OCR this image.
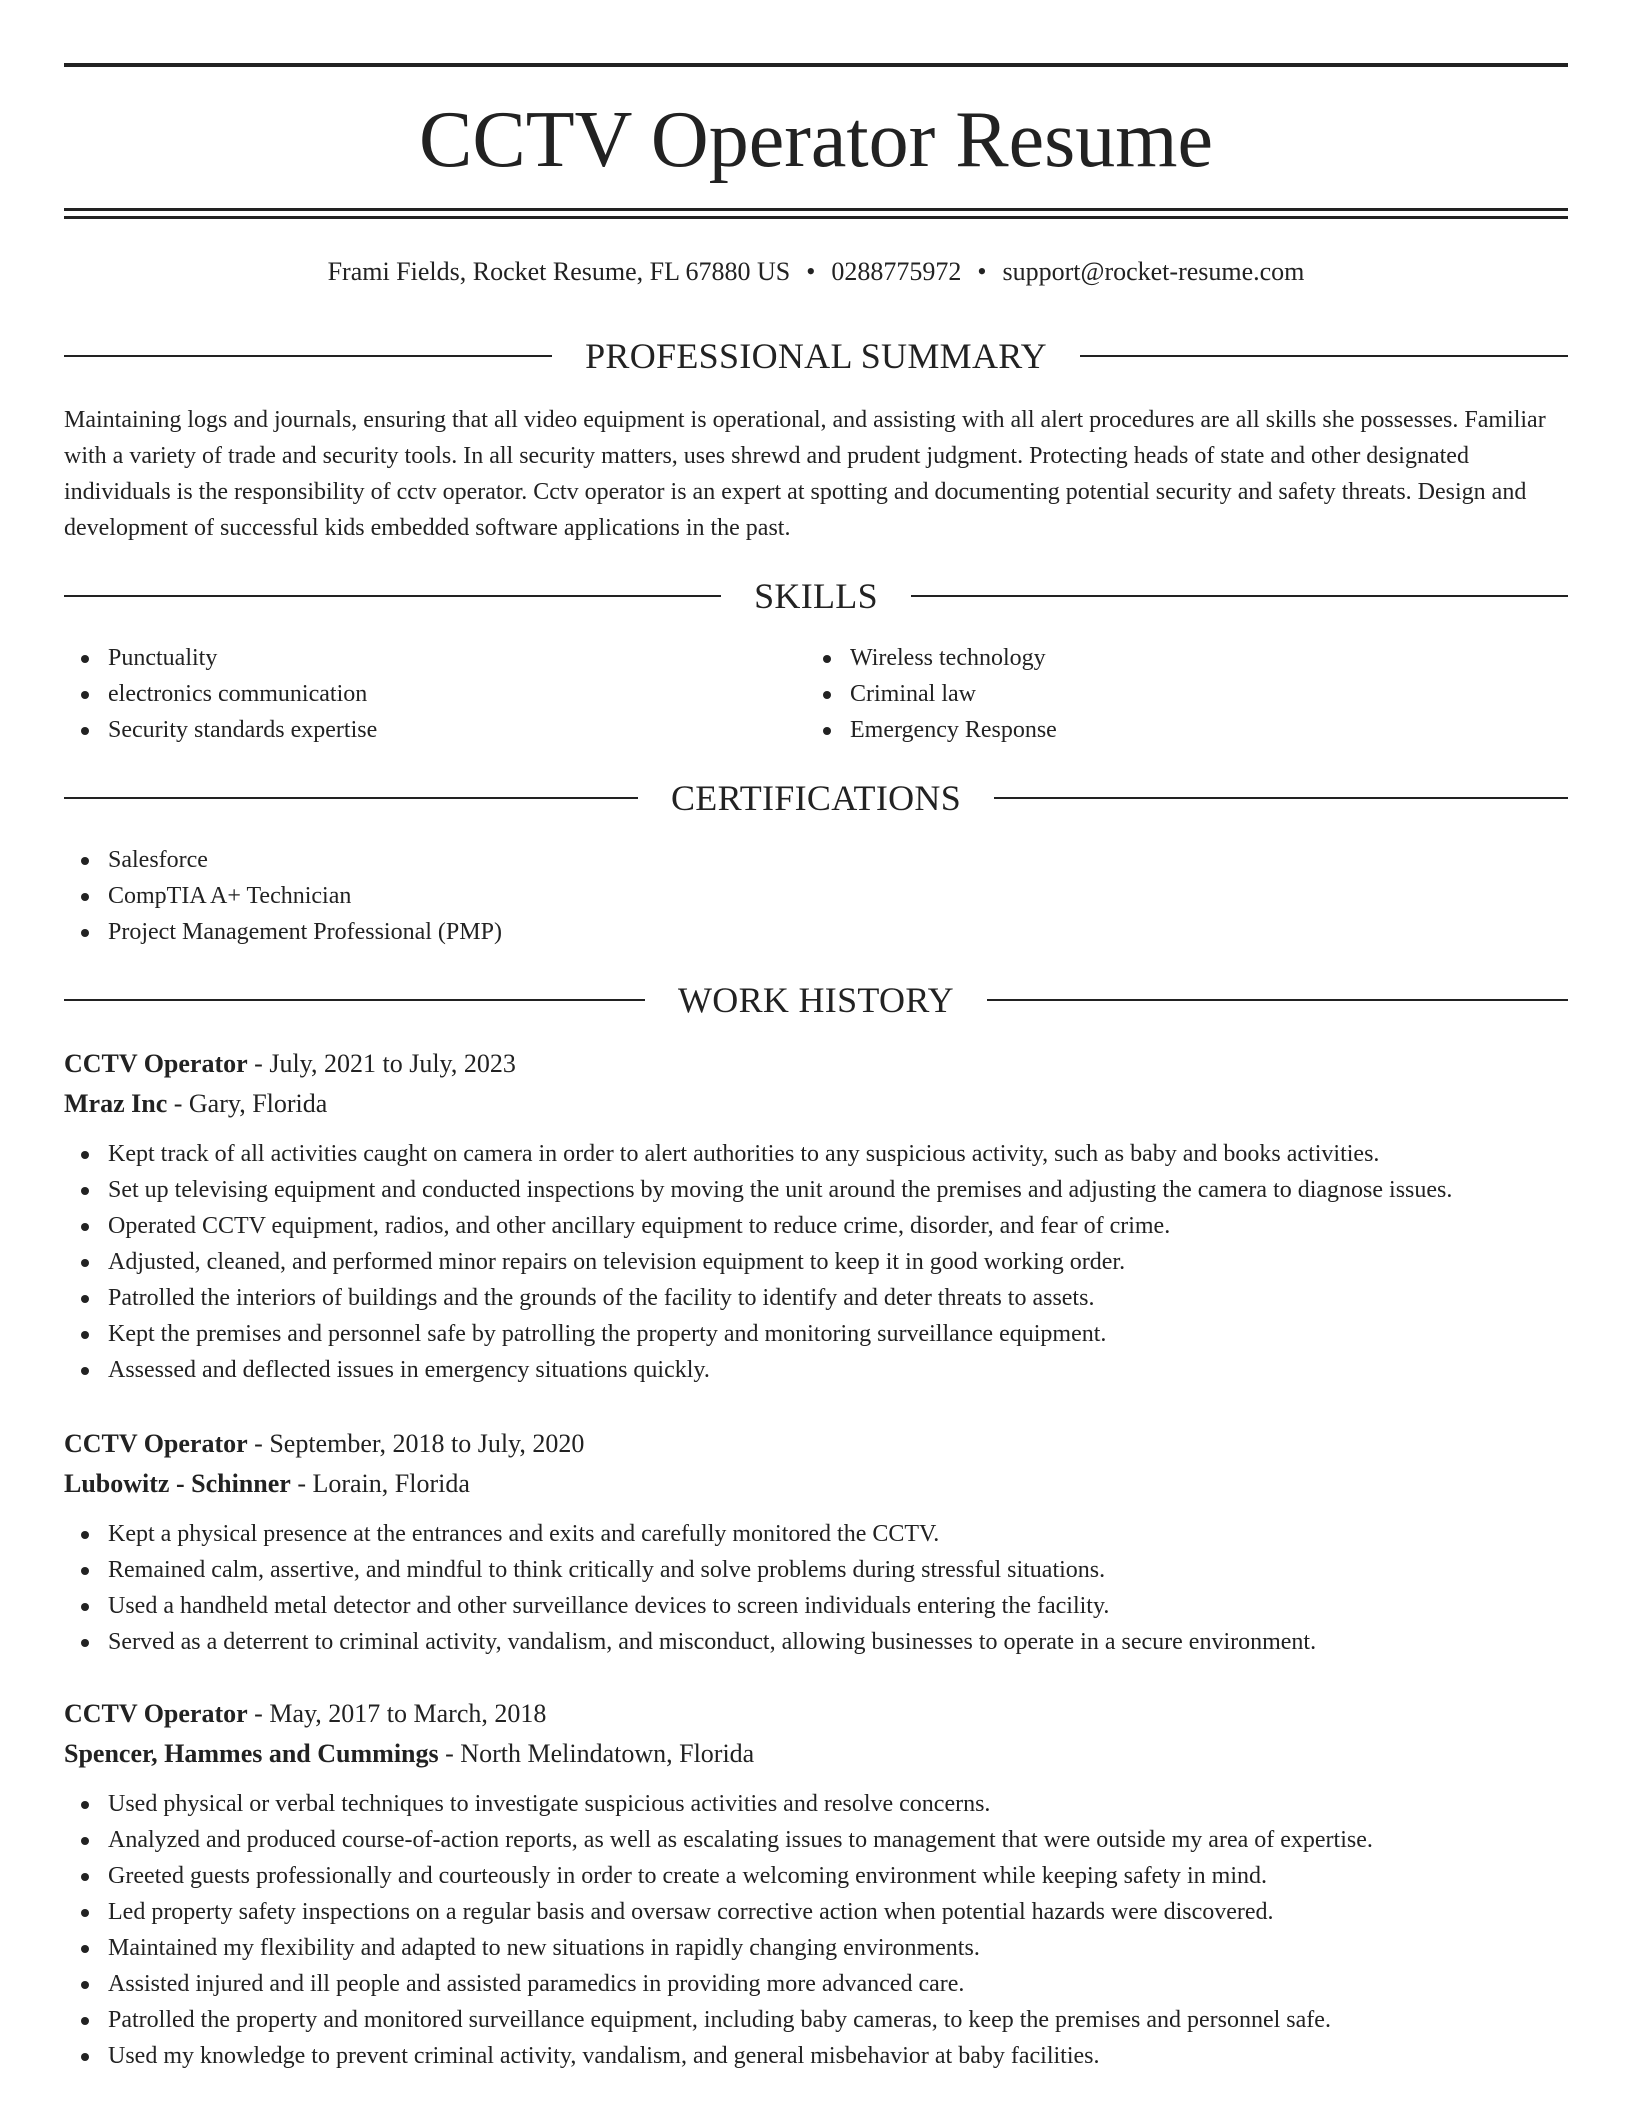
CCTV Operator Resume
Frami Fields, Rocket Resume, FL 67880 US • 0288775972 • support@rocket-resume.com
PROFESSIONAL SUMMARY

Maintaining logs and journals, ensuring that all video equipment is operational, and assisting with all alert procedures are all skills she possesses. Familiar with a variety of trade and security tools. In all security matters, uses shrewd and prudent judgment. Protecting heads of state and other designated individuals is the responsibility of cctv operator. Cctv operator is an expert at spotting and documenting potential security and safety threats. Design and development of successful kids embedded software applications in the past.

SKILLS
Punctuality
electronics communication
Security standards expertise
Wireless technology
Criminal law
Emergency Response
CERTIFICATIONS
Salesforce
CompTIA A+ Technician
Project Management Professional (PMP)
WORK HISTORY
CCTV Operator - July, 2021 to July, 2023
Mraz Inc - Gary, Florida
Kept track of all activities caught on camera in order to alert authorities to any suspicious activity, such as baby and books activities.
Set up televising equipment and conducted inspections by moving the unit around the premises and adjusting the camera to diagnose issues.
Operated CCTV equipment, radios, and other ancillary equipment to reduce crime, disorder, and fear of crime.
Adjusted, cleaned, and performed minor repairs on television equipment to keep it in good working order.
Patrolled the interiors of buildings and the grounds of the facility to identify and deter threats to assets.
Kept the premises and personnel safe by patrolling the property and monitoring surveillance equipment.
Assessed and deflected issues in emergency situations quickly.
CCTV Operator - September, 2018 to July, 2020
Lubowitz - Schinner - Lorain, Florida
Kept a physical presence at the entrances and exits and carefully monitored the CCTV.
Remained calm, assertive, and mindful to think critically and solve problems during stressful situations.
Used a handheld metal detector and other surveillance devices to screen individuals entering the facility.
Served as a deterrent to criminal activity, vandalism, and misconduct, allowing businesses to operate in a secure environment.
CCTV Operator - May, 2017 to March, 2018
Spencer, Hammes and Cummings - North Melindatown, Florida
Used physical or verbal techniques to investigate suspicious activities and resolve concerns.
Analyzed and produced course-of-action reports, as well as escalating issues to management that were outside my area of expertise.
Greeted guests professionally and courteously in order to create a welcoming environment while keeping safety in mind.
Led property safety inspections on a regular basis and oversaw corrective action when potential hazards were discovered.
Maintained my flexibility and adapted to new situations in rapidly changing environments.
Assisted injured and ill people and assisted paramedics in providing more advanced care.
Patrolled the property and monitored surveillance equipment, including baby cameras, to keep the premises and personnel safe.
Used my knowledge to prevent criminal activity, vandalism, and general misbehavior at baby facilities.
